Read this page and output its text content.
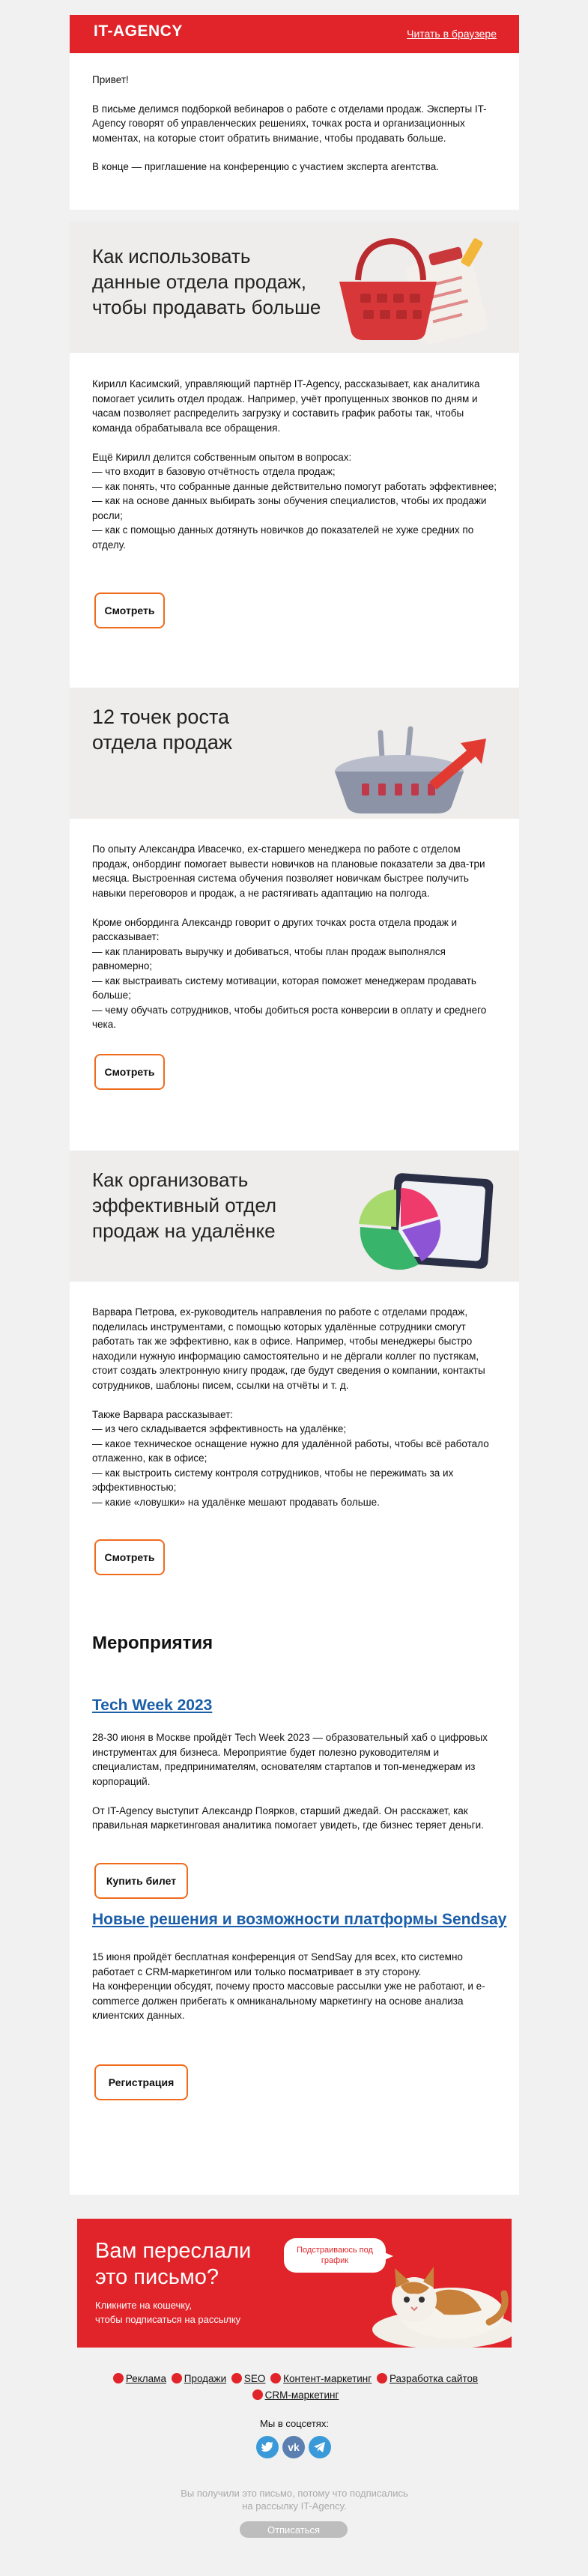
IT-AGENCY	Читать в браузере

Привет!

В письме делимся подборкой вебинаров о работе с отделами продаж. Эксперты IT-Agency говорят об управленческих решениях, точках роста и организационных моментах, на которые стоит обратить внимание, чтобы продавать больше.

В конце — приглашение на конференцию с участием эксперта агентства.

Как использовать
данные отдела продаж,
чтобы продавать больше
Кирилл Касимский, управляющий партнёр IT-Agency, рассказывает, как аналитика помогает усилить отдел продаж. Например, учёт пропущенных звонков по дням и часам позволяет распределить загрузку и составить график работы так, чтобы команда обрабатывала все обращения.

Ещё Кирилл делится собственным опытом в вопросах:
— что входит в базовую отчётность отдела продаж;
— как понять, что собранные данные действительно помогут работать эффективнее;
— как на основе данных выбирать зоны обучения специалистов, чтобы их продажи росли;
— как с помощью данных дотянуть новичков до показателей не хуже средних по отделу.
Смотреть
12 точек роста
отдела продаж
По опыту Александра Ивасечко, ex-старшего менеджера по работе с отделом продаж, онбординг помогает вывести новичков на плановые показатели за два-три месяца. Выстроенная система обучения позволяет новичкам быстрее получить навыки переговоров и продаж, а не растягивать адаптацию на полгода.

Кроме онбординга Александр говорит о других точках роста отдела продаж и рассказывает:
— как планировать выручку и добиваться, чтобы план продаж выполнялся равномерно;
— как выстраивать систему мотивации, которая поможет менеджерам продавать больше;
— чему обучать сотрудников, чтобы добиться роста конверсии в оплату и среднего чека.
Смотреть
Как организовать
эффективный отдел
продаж на удалёнке
Варвара Петрова, ex-руководитель направления по работе с отделами продаж, поделилась инструментами, с помощью которых удалённые сотрудники смогут работать так же эффективно, как в офисе. Например, чтобы менеджеры быстро находили нужную информацию самостоятельно и не дёргали коллег по пустякам, стоит создать электронную книгу продаж, где будут сведения о компании, контакты сотрудников, шаблоны писем, ссылки на отчёты и т. д.

Также Варвара рассказывает:
— из чего складывается эффективность на удалёнке;
— какое техническое оснащение нужно для удалённой работы, чтобы всё работало отлаженно, как в офисе;
— как выстроить систему контроля сотрудников, чтобы не пережимать за их эффективностью;
— какие «ловушки» на удалёнке мешают продавать больше.
Смотреть
Мероприятия
Tech Week 2023
28-30 июня в Москве пройдёт Tech Week 2023 — образовательный хаб о цифровых инструментах для бизнеса. Мероприятие будет полезно руководителям и специалистам, предпринимателям, основателям стартапов и топ-менеджерам из корпораций.

От IT-Agency выступит Александр Пояркoв, старший джедай. Он расскажет, как правильная маркетинговая аналитика помогает увидеть, где бизнес теряет деньги.
Купить билет
Новые решения и возможности платформы Sendsay
15 июня пройдёт бесплатная конференция от SendSay для всех, кто системно работает с CRM-маркетингом или только посматривает в эту сторону.
На конференции обсудят, почему просто массовые рассылки уже не работают, и e-commerce должен прибегать к омниканальному маркетингу на основе анализа клиентских данных.
Регистрация
Вам переслали
это письмо?
Кликните на кошечку,
чтобы подписаться на рассылку
Подстраиваюсь под график
Реклама Продажи SEO Контент-маркетинг Разработка сайтов
CRM-маркетинг
Мы в соцсетях:
vk
Вы получили это письмо, потому что подписались
на рассылку IT-Agency.
Отписаться
